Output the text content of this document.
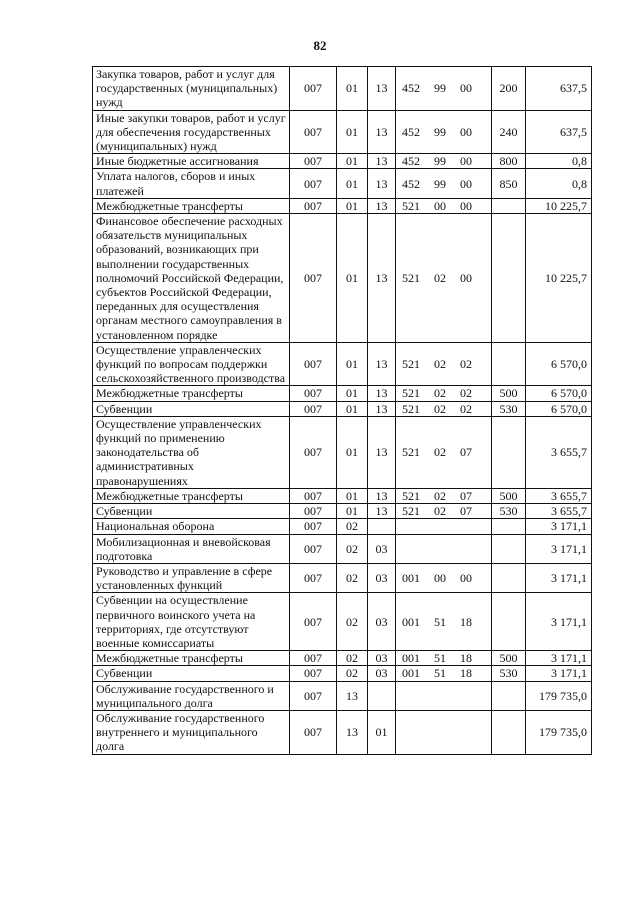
82
Закупка товаров, работ и услуг для государственных (муниципальных) нужд	007	01	13	452 99 00	200	637,5
Иные закупки товаров, работ и услуг для обеспечения государственных (муниципальных) нужд	007	01	13	452 99 00	240	637,5
Иные бюджетные ассигнования	007	01	13	452 99 00	800	0,8
Уплата налогов, сборов и иных платежей	007	01	13	452 99 00	850	0,8
Межбюджетные трансферты	007	01	13	521 00 00		10 225,7
Финансовое обеспечение расходных обязательств муниципальных образований, возникающих при выполнении государственных полномочий Российской Федерации, субъектов Российской Федерации, переданных для осуществления органам местного самоуправления в установленном порядке	007	01	13	521 02 00		10 225,7
Осуществление управленческих функций по вопросам поддержки сельскохозяйственного производства	007	01	13	521 02 02		6 570,0
Межбюджетные трансферты	007	01	13	521 02 02	500	6 570,0
Субвенции	007	01	13	521 02 02	530	6 570,0
Осуществление управленческих функций по применению законодательства об административных правонарушениях	007	01	13	521 02 07		3 655,7
Межбюджетные трансферты	007	01	13	521 02 07	500	3 655,7
Субвенции	007	01	13	521 02 07	530	3 655,7
Национальная оборона	007	02				3 171,1
Мобилизационная и вневойсковая подготовка	007	02	03			3 171,1
Руководство и управление в сфере установленных функций	007	02	03	001 00 00		3 171,1
Субвенции на осуществление первичного воинского учета на территориях, где отсутствуют военные комиссариаты	007	02	03	001 51 18		3 171,1
Межбюджетные трансферты	007	02	03	001 51 18	500	3 171,1
Субвенции	007	02	03	001 51 18	530	3 171,1
Обслуживание государственного и муниципального долга	007	13				179 735,0
Обслуживание государственного внутреннего и муниципального долга	007	13	01			179 735,0
